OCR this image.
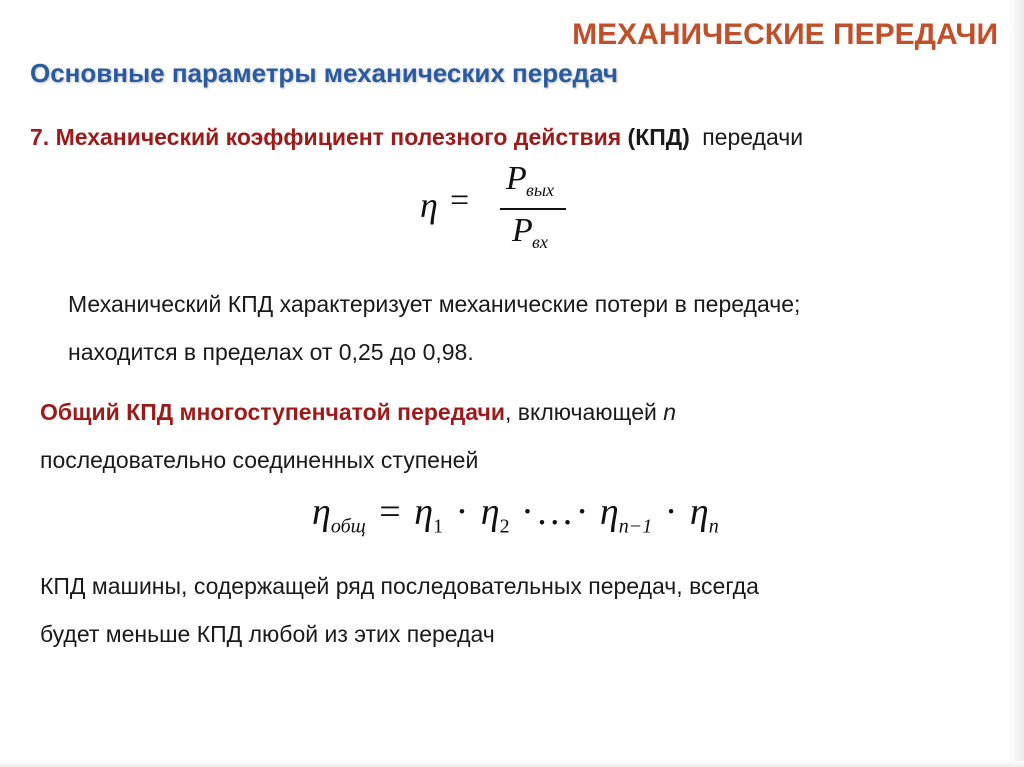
МЕХАНИЧЕСКИЕ ПЕРЕДАЧИ
Основные параметры механических передач
7. Механический коэффициент полезного действия (КПД) передачи
η =
P вых
P вх
Механический КПД характеризует механические потери в передаче;
находится в пределах от 0,25 до 0,98.
Общий КПД многоступенчатой передачи, включающей n
последовательно соединенных ступеней
$\eta_{общ} = \eta_1 \cdot \eta_2$ ·…· $\eta_{n-1} \cdot \eta_n$
КПД машины, содержащей ряд последовательных передач, всегда
будет меньше КПД любой из этих передач
